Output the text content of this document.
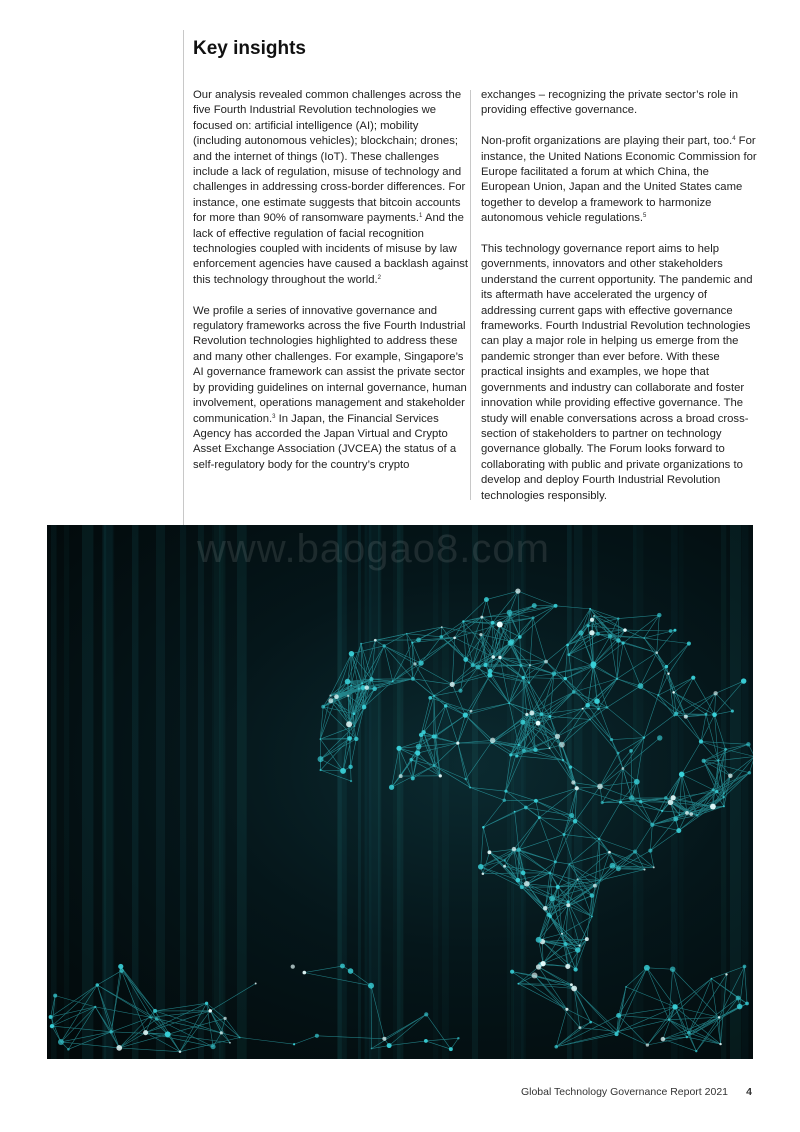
Key insights

Our analysis revealed common challenges across the five Fourth Industrial Revolution technologies we focused on: artificial intelligence (AI); mobility (including autonomous vehicles); blockchain; drones; and the internet of things (IoT). These challenges include a lack of regulation, misuse of technology and challenges in addressing cross-border differences. For instance, one estimate suggests that bitcoin accounts for more than 90% of ransomware payments.$^1$ And the lack of effective regulation of facial recognition technologies coupled with incidents of misuse by law enforcement agencies have caused a backlash against this technology throughout the world.$^2$

We profile a series of innovative governance and regulatory frameworks across the five Fourth Industrial Revolution technologies highlighted to address these and many other challenges. For example, Singapore’s AI governance framework can assist the private sector by providing guidelines on internal governance, human involvement, operations management and stakeholder communication.$^3$ In Japan, the Financial Services Agency has accorded the Japan Virtual and Crypto Asset Exchange Association (JVCEA) the status of a self-regulatory body for the country’s crypto

exchanges – recognizing the private sector’s role in providing effective governance.

Non-profit organizations are playing their part, too.$^4$ For instance, the United Nations Economic Commission for Europe facilitated a forum at which China, the European Union, Japan and the United States came together to develop a framework to harmonize autonomous vehicle regulations.$^5$

This technology governance report aims to help governments, innovators and other stakeholders understand the current opportunity. The pandemic and its aftermath have accelerated the urgency of addressing current gaps with effective governance frameworks. Fourth Industrial Revolution technologies can play a major role in helping us emerge from the pandemic stronger than ever before. With these practical insights and examples, we hope that governments and industry can collaborate and foster innovation while providing effective governance. The study will enable conversations across a broad cross-section of stakeholders to partner on technology governance globally. The Forum looks forward to collaborating with public and private organizations to develop and deploy Fourth Industrial Revolution technologies responsibly.

www.baogao8.com
Global Technology Governance Report 2021 4
